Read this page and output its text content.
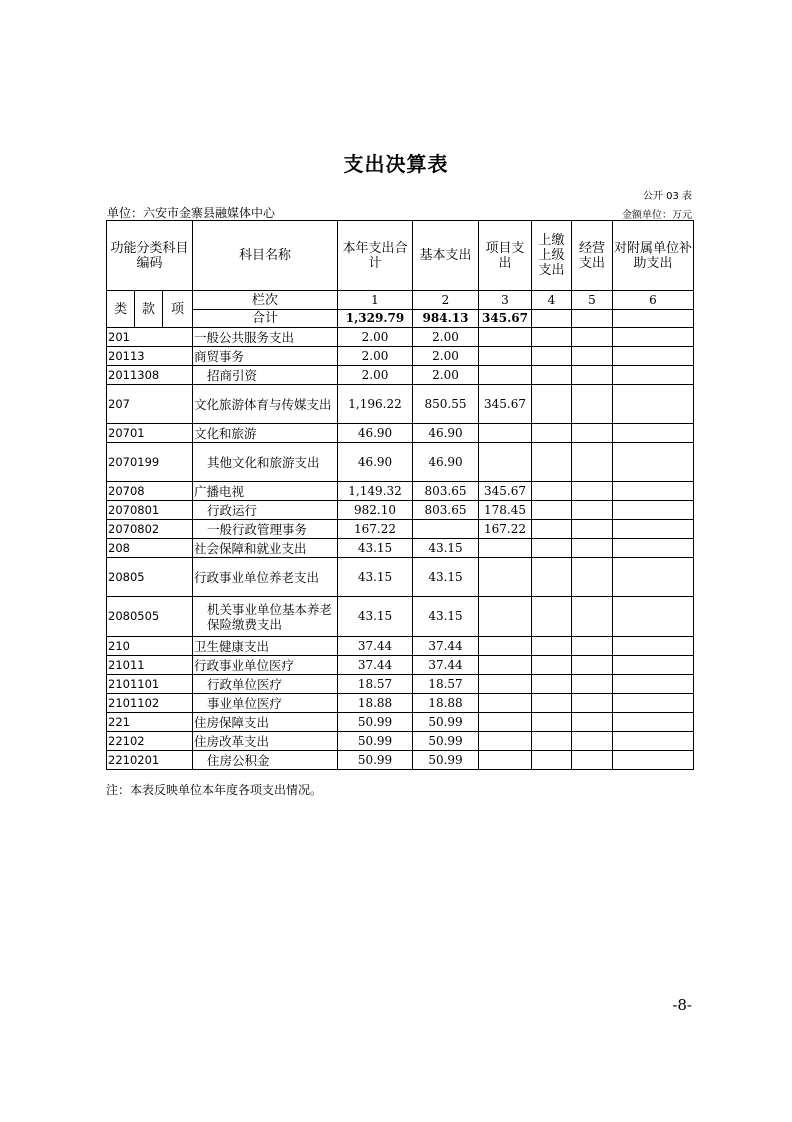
支出决算表
公开 03 表
单位：六安市金寨县融媒体中心	金额单位：万元
功能分类科目编码			科目名称	本年支出合计	基本支出	项目支出	上缴上级支出	经营支出	对附属单位补助支出
类	款	项	栏次	1	2	3	4	5	6
			合计	1,329.79	984.13	345.67			
201			一般公共服务支出	2.00	2.00				
20113			商贸事务	2.00	2.00				
2011308			招商引资	2.00	2.00				
207			文化旅游体育与传媒支出	1,196.22	850.55	345.67			
20701			文化和旅游	46.90	46.90				
2070199			其他文化和旅游支出	46.90	46.90				
20708			广播电视	1,149.32	803.65	345.67			
2070801			行政运行	982.10	803.65	178.45			
2070802			一般行政管理事务	167.22		167.22			
208			社会保障和就业支出	43.15	43.15				
20805			行政事业单位养老支出	43.15	43.15				
2080505			机关事业单位基本养老保险缴费支出	43.15	43.15				
210			卫生健康支出	37.44	37.44				
21011			行政事业单位医疗	37.44	37.44				
2101101			行政单位医疗	18.57	18.57				
2101102			事业单位医疗	18.88	18.88				
221			住房保障支出	50.99	50.99				
22102			住房改革支出	50.99	50.99				
2210201			住房公积金	50.99	50.99				
注：本表反映单位本年度各项支出情况。
-8-
